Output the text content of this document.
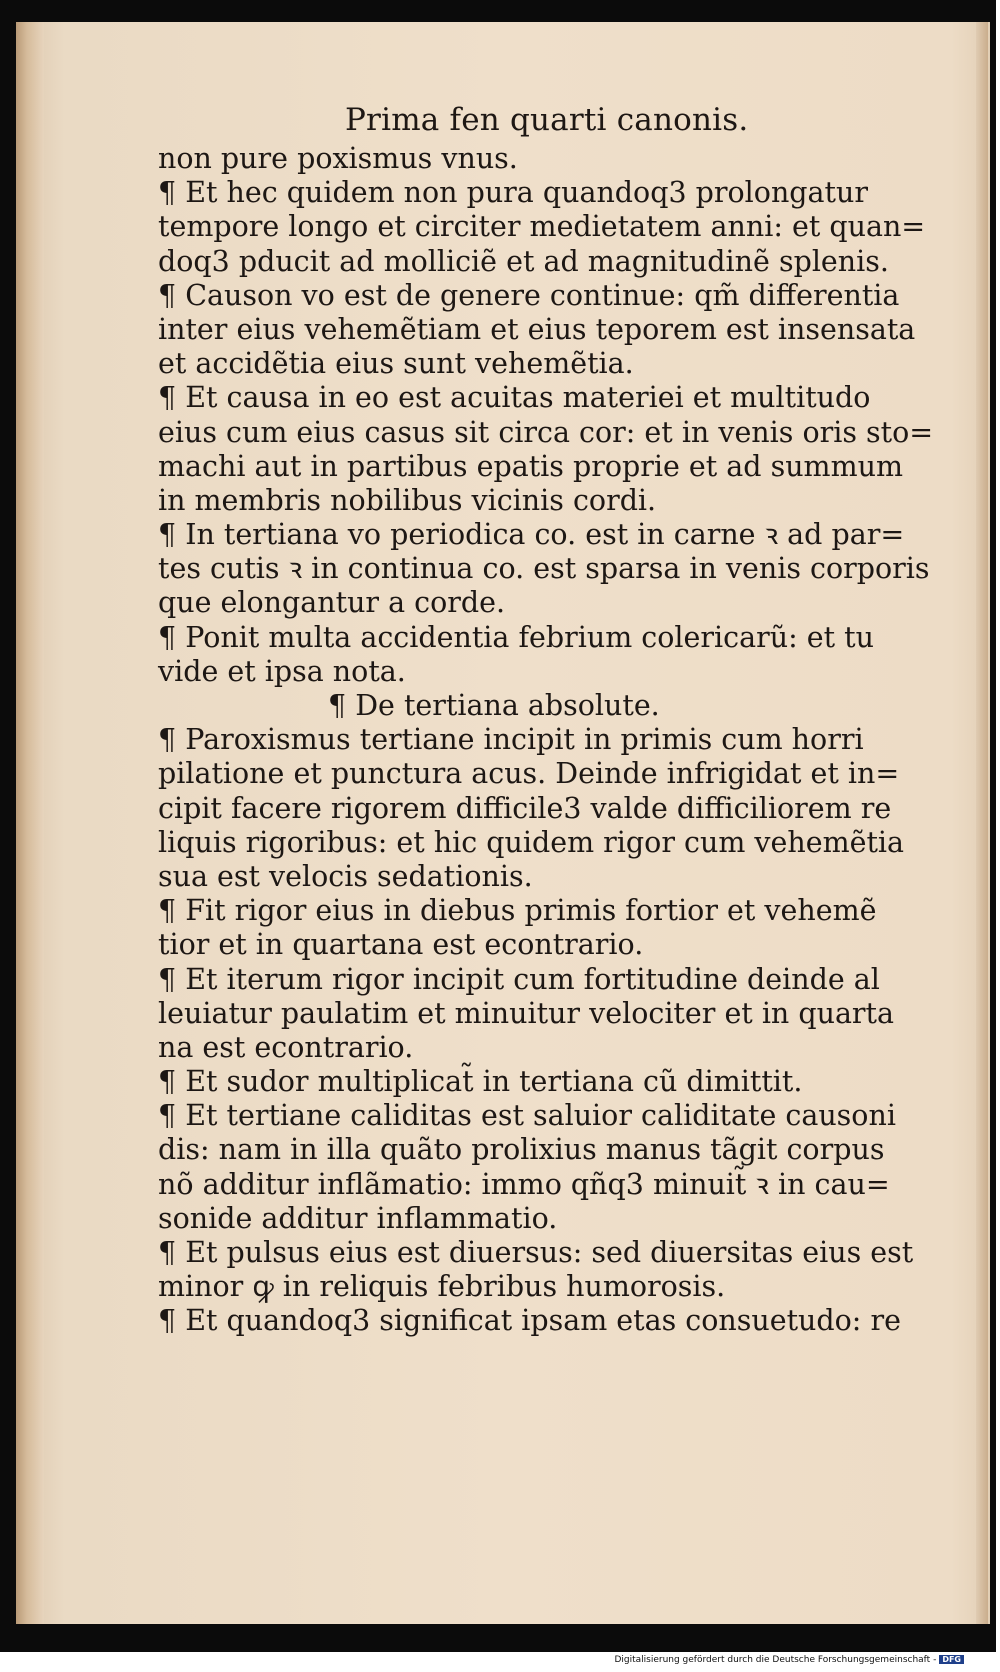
Prima fen quarti canonis.
non pure poxismus vnus.
¶ Et hec quidem non pura quandoq3 prolongatur
tempore longo et circiter medietatem anni: et quan=
doq3 pducit ad molliciẽ et ad magnitudinẽ splenis.
¶ Causon vo est de genere continue: qm̃ differentia
inter eius vehemẽtiam et eius teporem est insensata
et accidẽtia eius sunt vehemẽtia.
¶ Et causa in eo est acuitas materiei et multitudo
eius cum eius casus sit circa cor: et in venis oris sto=
machi aut in partibus epatis proprie et ad summum
in membris nobilibus vicinis cordi.
¶ In tertiana vo periodica co. est in carne ꝛ ad par=
tes cutis ꝛ in continua co. est sparsa in venis corporis
que elongantur a corde.
¶ Ponit multa accidentia febrium colericarũ: et tu
vide et ipsa nota.
¶ De tertiana absolute.
¶ Paroxismus tertiane incipit in primis cum horri
pilatione et punctura acus. Deinde infrigidat et in=
cipit facere rigorem difficile3 valde difficiliorem re
liquis rigoribus: et hic quidem rigor cum vehemẽtia
sua est velocis sedationis.
¶ Fit rigor eius in diebus primis fortior et vehemẽ
tior et in quartana est econtrario.
¶ Et iterum rigor incipit cum fortitudine deinde al
leuiatur paulatim et minuitur velociter et in quarta
na est econtrario.
¶ Et sudor multiplicat̃ in tertiana cũ dimittit.
¶ Et tertiane caliditas est saluior caliditate causoni
dis: nam in illa quãto prolixius manus tãgit corpus
nõ additur inflãmatio: immo qñq3 minuit̃ ꝛ in cau=
sonide additur inflammatio.
¶ Et pulsus eius est diuersus: sed diuersitas eius est
minor ꝙ in reliquis febribus humorosis.
¶ Et quandoq3 significat ipsam etas consuetudo: re
Digitalisierung gefördert durch die Deutsche Forschungsgemeinschaft - DFG
